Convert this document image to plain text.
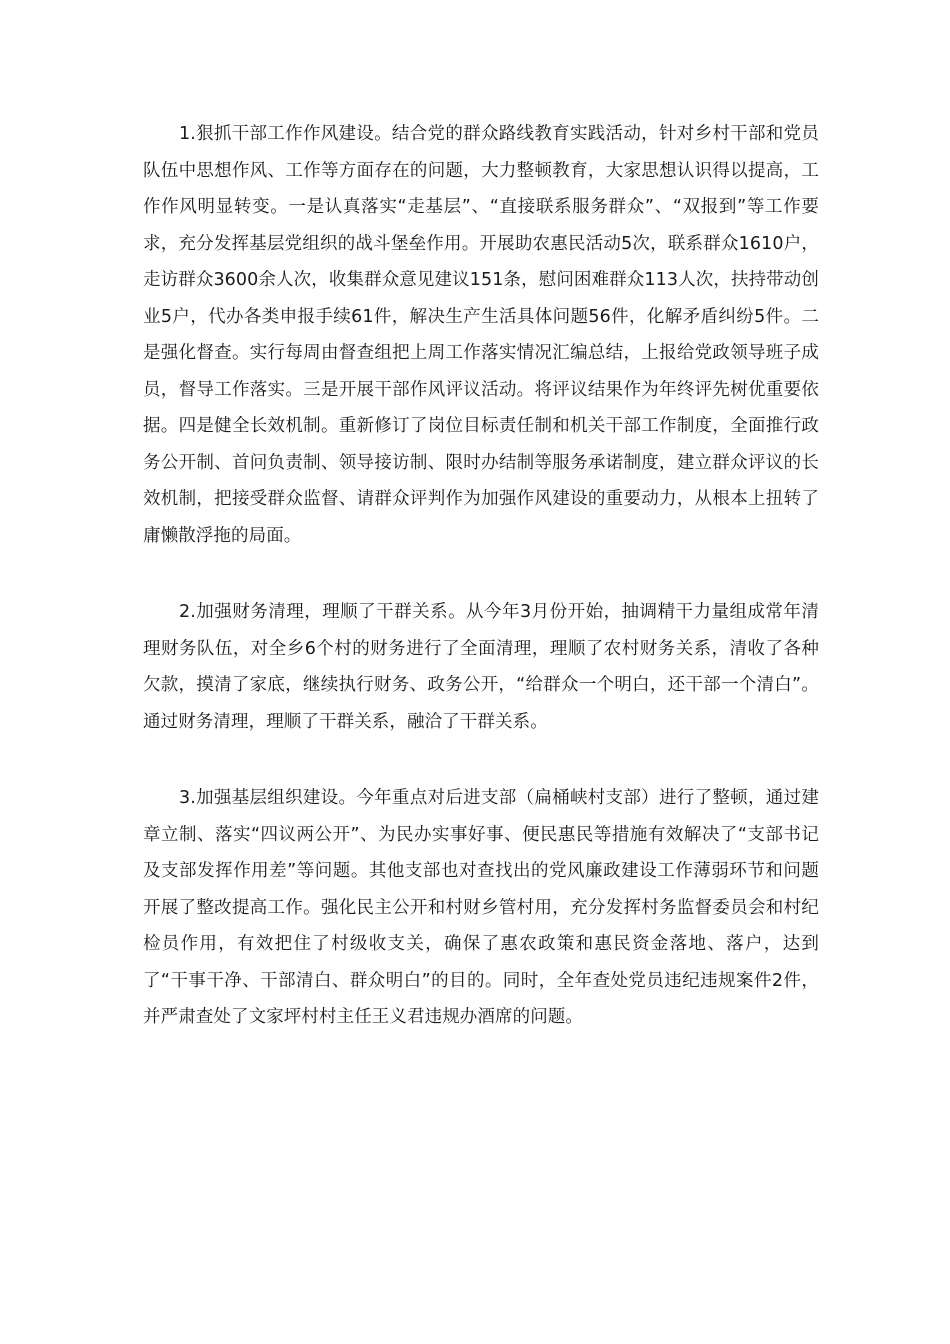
1.狠抓干部工作作风建设。结合党的群众路线教育实践活动，针对乡村干部和党员队伍中思想作风、工作等方面存在的问题，大力整顿教育，大家思想认识得以提高，工作作风明显转变。一是认真落实“走基层”、“直接联系服务群众”、“双报到”等工作要求，充分发挥基层党组织的战斗堡垒作用。开展助农惠民活动5次，联系群众1610户，走访群众3600余人次，收集群众意见建议151条，慰问困难群众113人次，扶持带动创业5户，代办各类申报手续61件，解决生产生活具体问题56件，化解矛盾纠纷5件。二是强化督查。实行每周由督查组把上周工作落实情况汇编总结，上报给党政领导班子成员，督导工作落实。三是开展干部作风评议活动。将评议结果作为年终评先树优重要依据。四是健全长效机制。重新修订了岗位目标责任制和机关干部工作制度，全面推行政务公开制、首问负责制、领导接访制、限时办结制等服务承诺制度，建立群众评议的长效机制，把接受群众监督、请群众评判作为加强作风建设的重要动力，从根本上扭转了庸懒散浮拖的局面。

2.加强财务清理，理顺了干群关系。从今年3月份开始，抽调精干力量组成常年清理财务队伍，对全乡6个村的财务进行了全面清理，理顺了农村财务关系，清收了各种欠款，摸清了家底，继续执行财务、政务公开，“给群众一个明白，还干部一个清白”。通过财务清理，理顺了干群关系，融洽了干群关系。

3.加强基层组织建设。今年重点对后进支部（扁桶峡村支部）进行了整顿，通过建章立制、落实“四议两公开”、为民办实事好事、便民惠民等措施有效解决了“支部书记及支部发挥作用差”等问题。其他支部也对查找出的党风廉政建设工作薄弱环节和问题开展了整改提高工作。强化民主公开和村财乡管村用，充分发挥村务监督委员会和村纪检员作用，有效把住了村级收支关，确保了惠农政策和惠民资金落地、落户，达到了“干事干净、干部清白、群众明白”的目的。同时，全年查处党员违纪违规案件2件，并严肃查处了文家坪村村主任王义君违规办酒席的问题。
